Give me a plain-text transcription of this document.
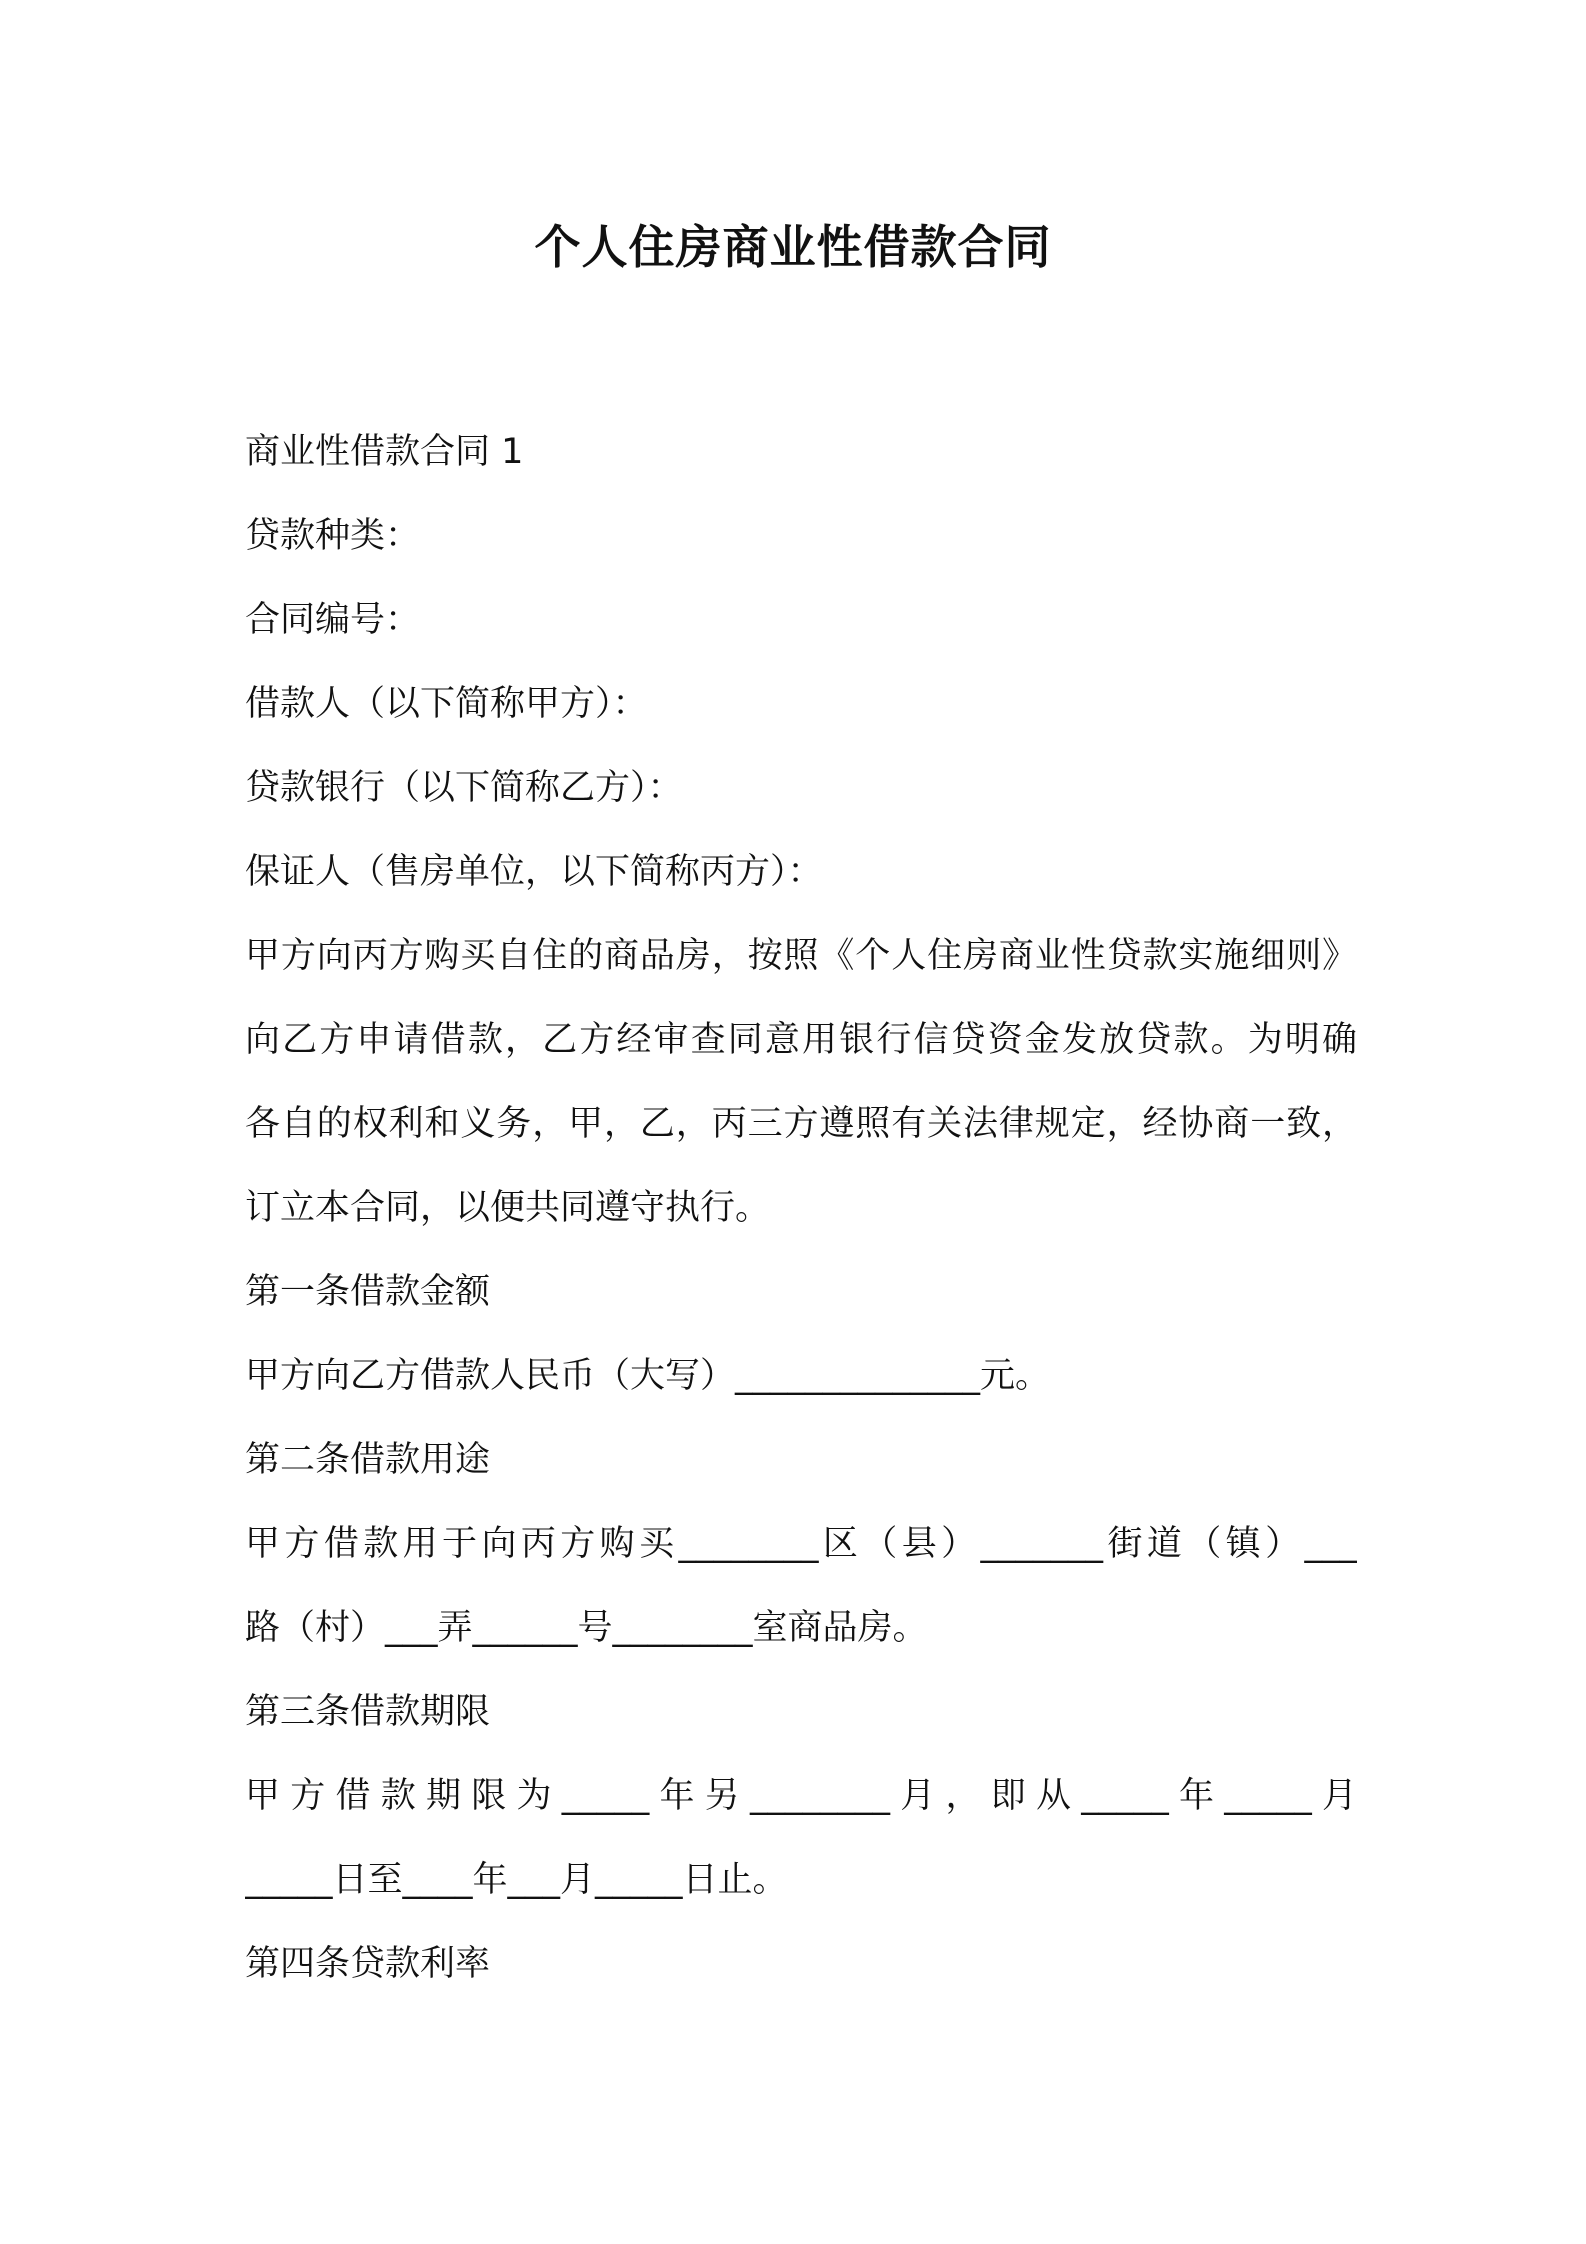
个人住房商业性借款合同
商业性借款合同 1
贷款种类：
合同编号：
借款人（以下简称甲方）：
贷款银行（以下简称乙方）：
保证人（售房单位，以下简称丙方）：
甲方向丙方购买自住的商品房，按照《个人住房商业性贷款实施细则》
向乙方申请借款，乙方经审查同意用银行信贷资金发放贷款。为明确
各自的权利和义务，甲，乙，丙三方遵照有关法律规定，经协商一致，
订立本合同，以便共同遵守执行。
第一条借款金额
甲方向乙方借款人民币（大写）______________元。
第二条借款用途
甲方借款用于向丙方购买________区（县）_______街道（镇）___
路（村）___弄______号________室商品房。
第三条借款期限
甲方借款期限为_____年另________月，即从_____年_____月
_____日至____年___月_____日止。
第四条贷款利率
